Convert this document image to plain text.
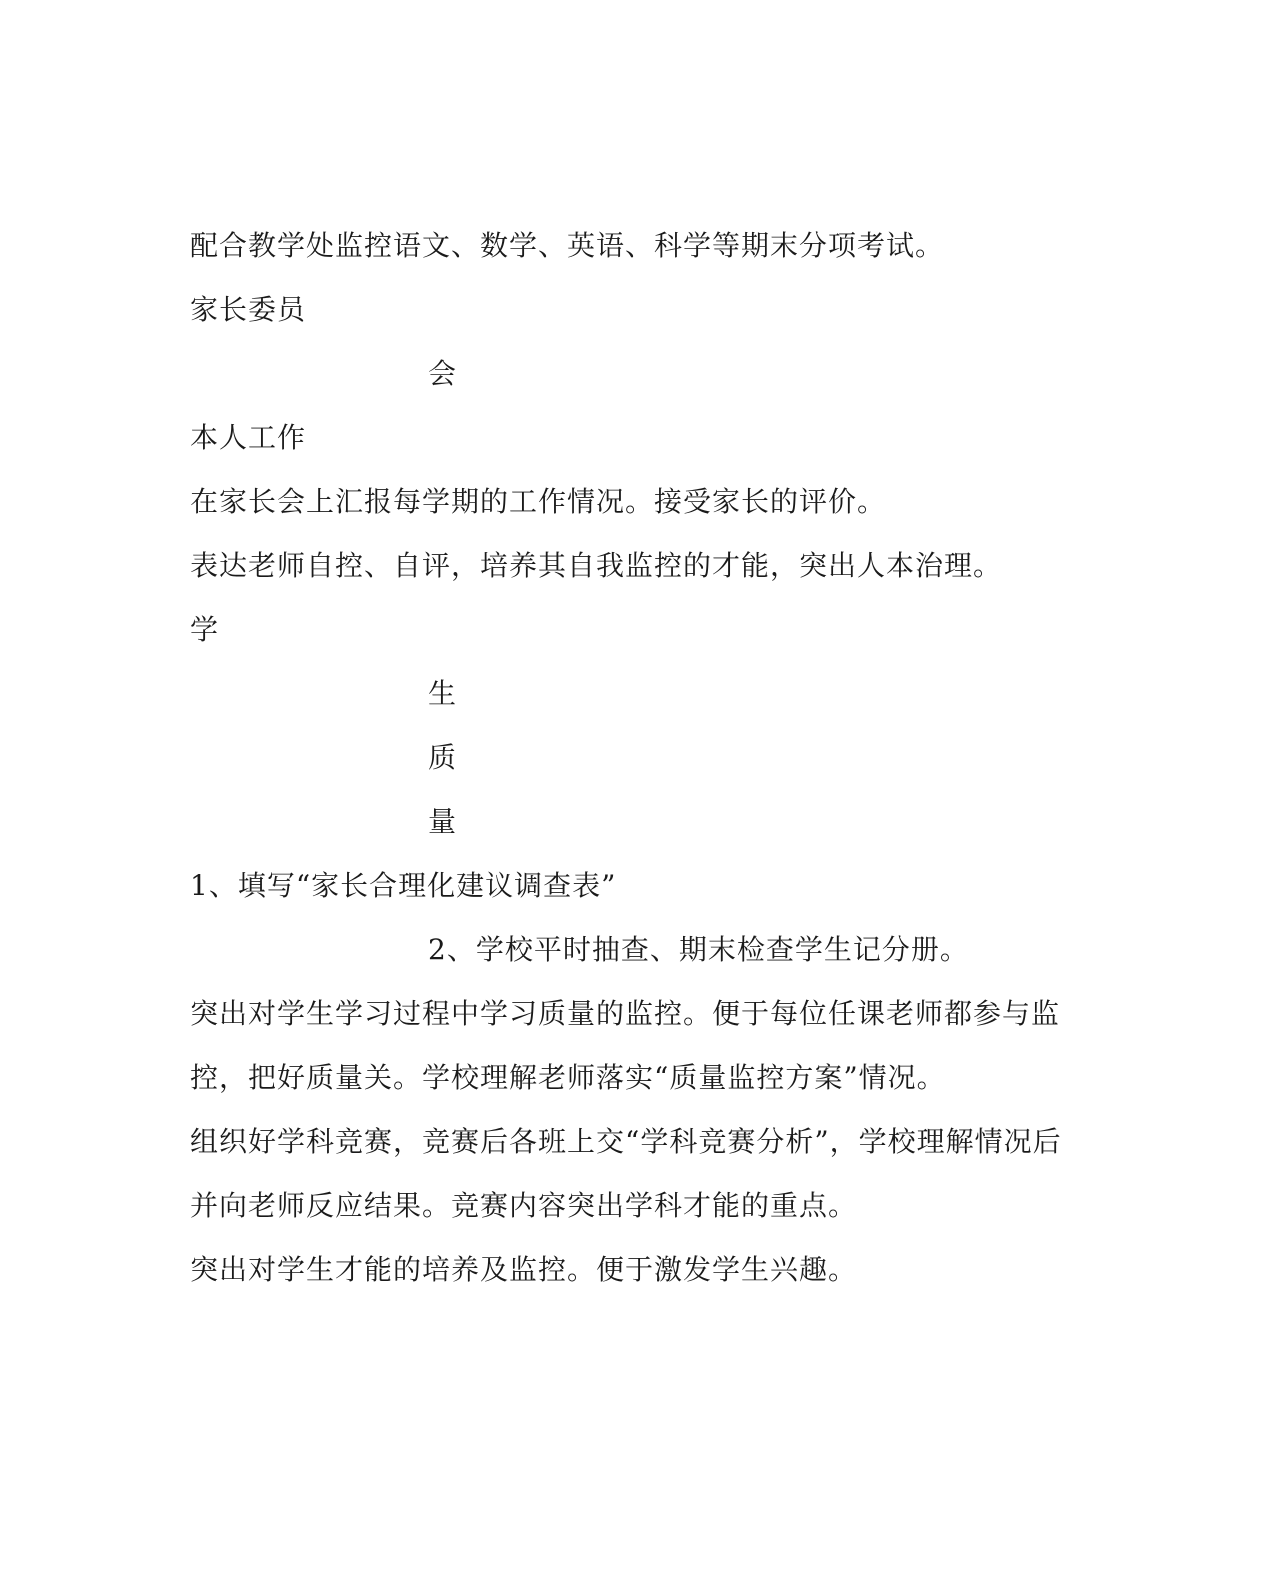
配合教学处监控语文、数学、英语、科学等期末分项考试。
家长委员
会
本人工作
在家长会上汇报每学期的工作情况。接受家长的评价。
表达老师自控、自评，培养其自我监控的才能，突出人本治理。
学
生
质
量
1、填写“家长合理化建议调查表”
2、学校平时抽查、期末检查学生记分册。
突出对学生学习过程中学习质量的监控。便于每位任课老师都参与监
控，把好质量关。学校理解老师落实“质量监控方案”情况。
组织好学科竞赛，竞赛后各班上交“学科竞赛分析”，学校理解情况后
并向老师反应结果。竞赛内容突出学科才能的重点。
突出对学生才能的培养及监控。便于激发学生兴趣。
